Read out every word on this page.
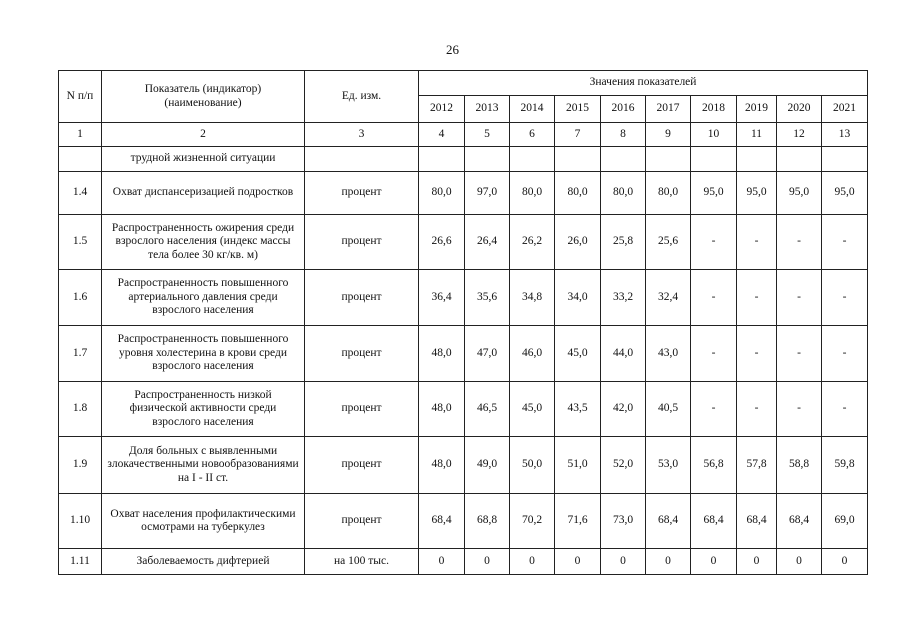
26
N п/п	Показатель (индикатор) (наименование)	Ед. изм.	Значения показателей									
			2012	2013	2014	2015	2016	2017	2018	2019	2020	2021
1	2	3	4	5	6	7	8	9	10	11	12	13
	трудной жизненной ситуации											
1.4	Охват диспансеризацией подростков	процент	80,0	97,0	80,0	80,0	80,0	80,0	95,0	95,0	95,0	95,0
1.5	Распространенность ожирения среди взрослого населения (индекс массы тела более 30 кг/кв. м)	процент	26,6	26,4	26,2	26,0	25,8	25,6	-	-	-	-
1.6	Распространенность повышенного артериального давления среди взрослого населения	процент	36,4	35,6	34,8	34,0	33,2	32,4	-	-	-	-
1.7	Распространенность повышенного уровня холестерина в крови среди взрослого населения	процент	48,0	47,0	46,0	45,0	44,0	43,0	-	-	-	-
1.8	Распространенность низкой физической активности среди взрослого населения	процент	48,0	46,5	45,0	43,5	42,0	40,5	-	-	-	-
1.9	Доля больных с выявленными злокачественными новообразованиями на I - II ст.	процент	48,0	49,0	50,0	51,0	52,0	53,0	56,8	57,8	58,8	59,8
1.10	Охват населения профилактическими осмотрами на туберкулез	процент	68,4	68,8	70,2	71,6	73,0	68,4	68,4	68,4	68,4	69,0
1.11	Заболеваемость дифтерией	на 100 тыс.	0	0	0	0	0	0	0	0	0	0
